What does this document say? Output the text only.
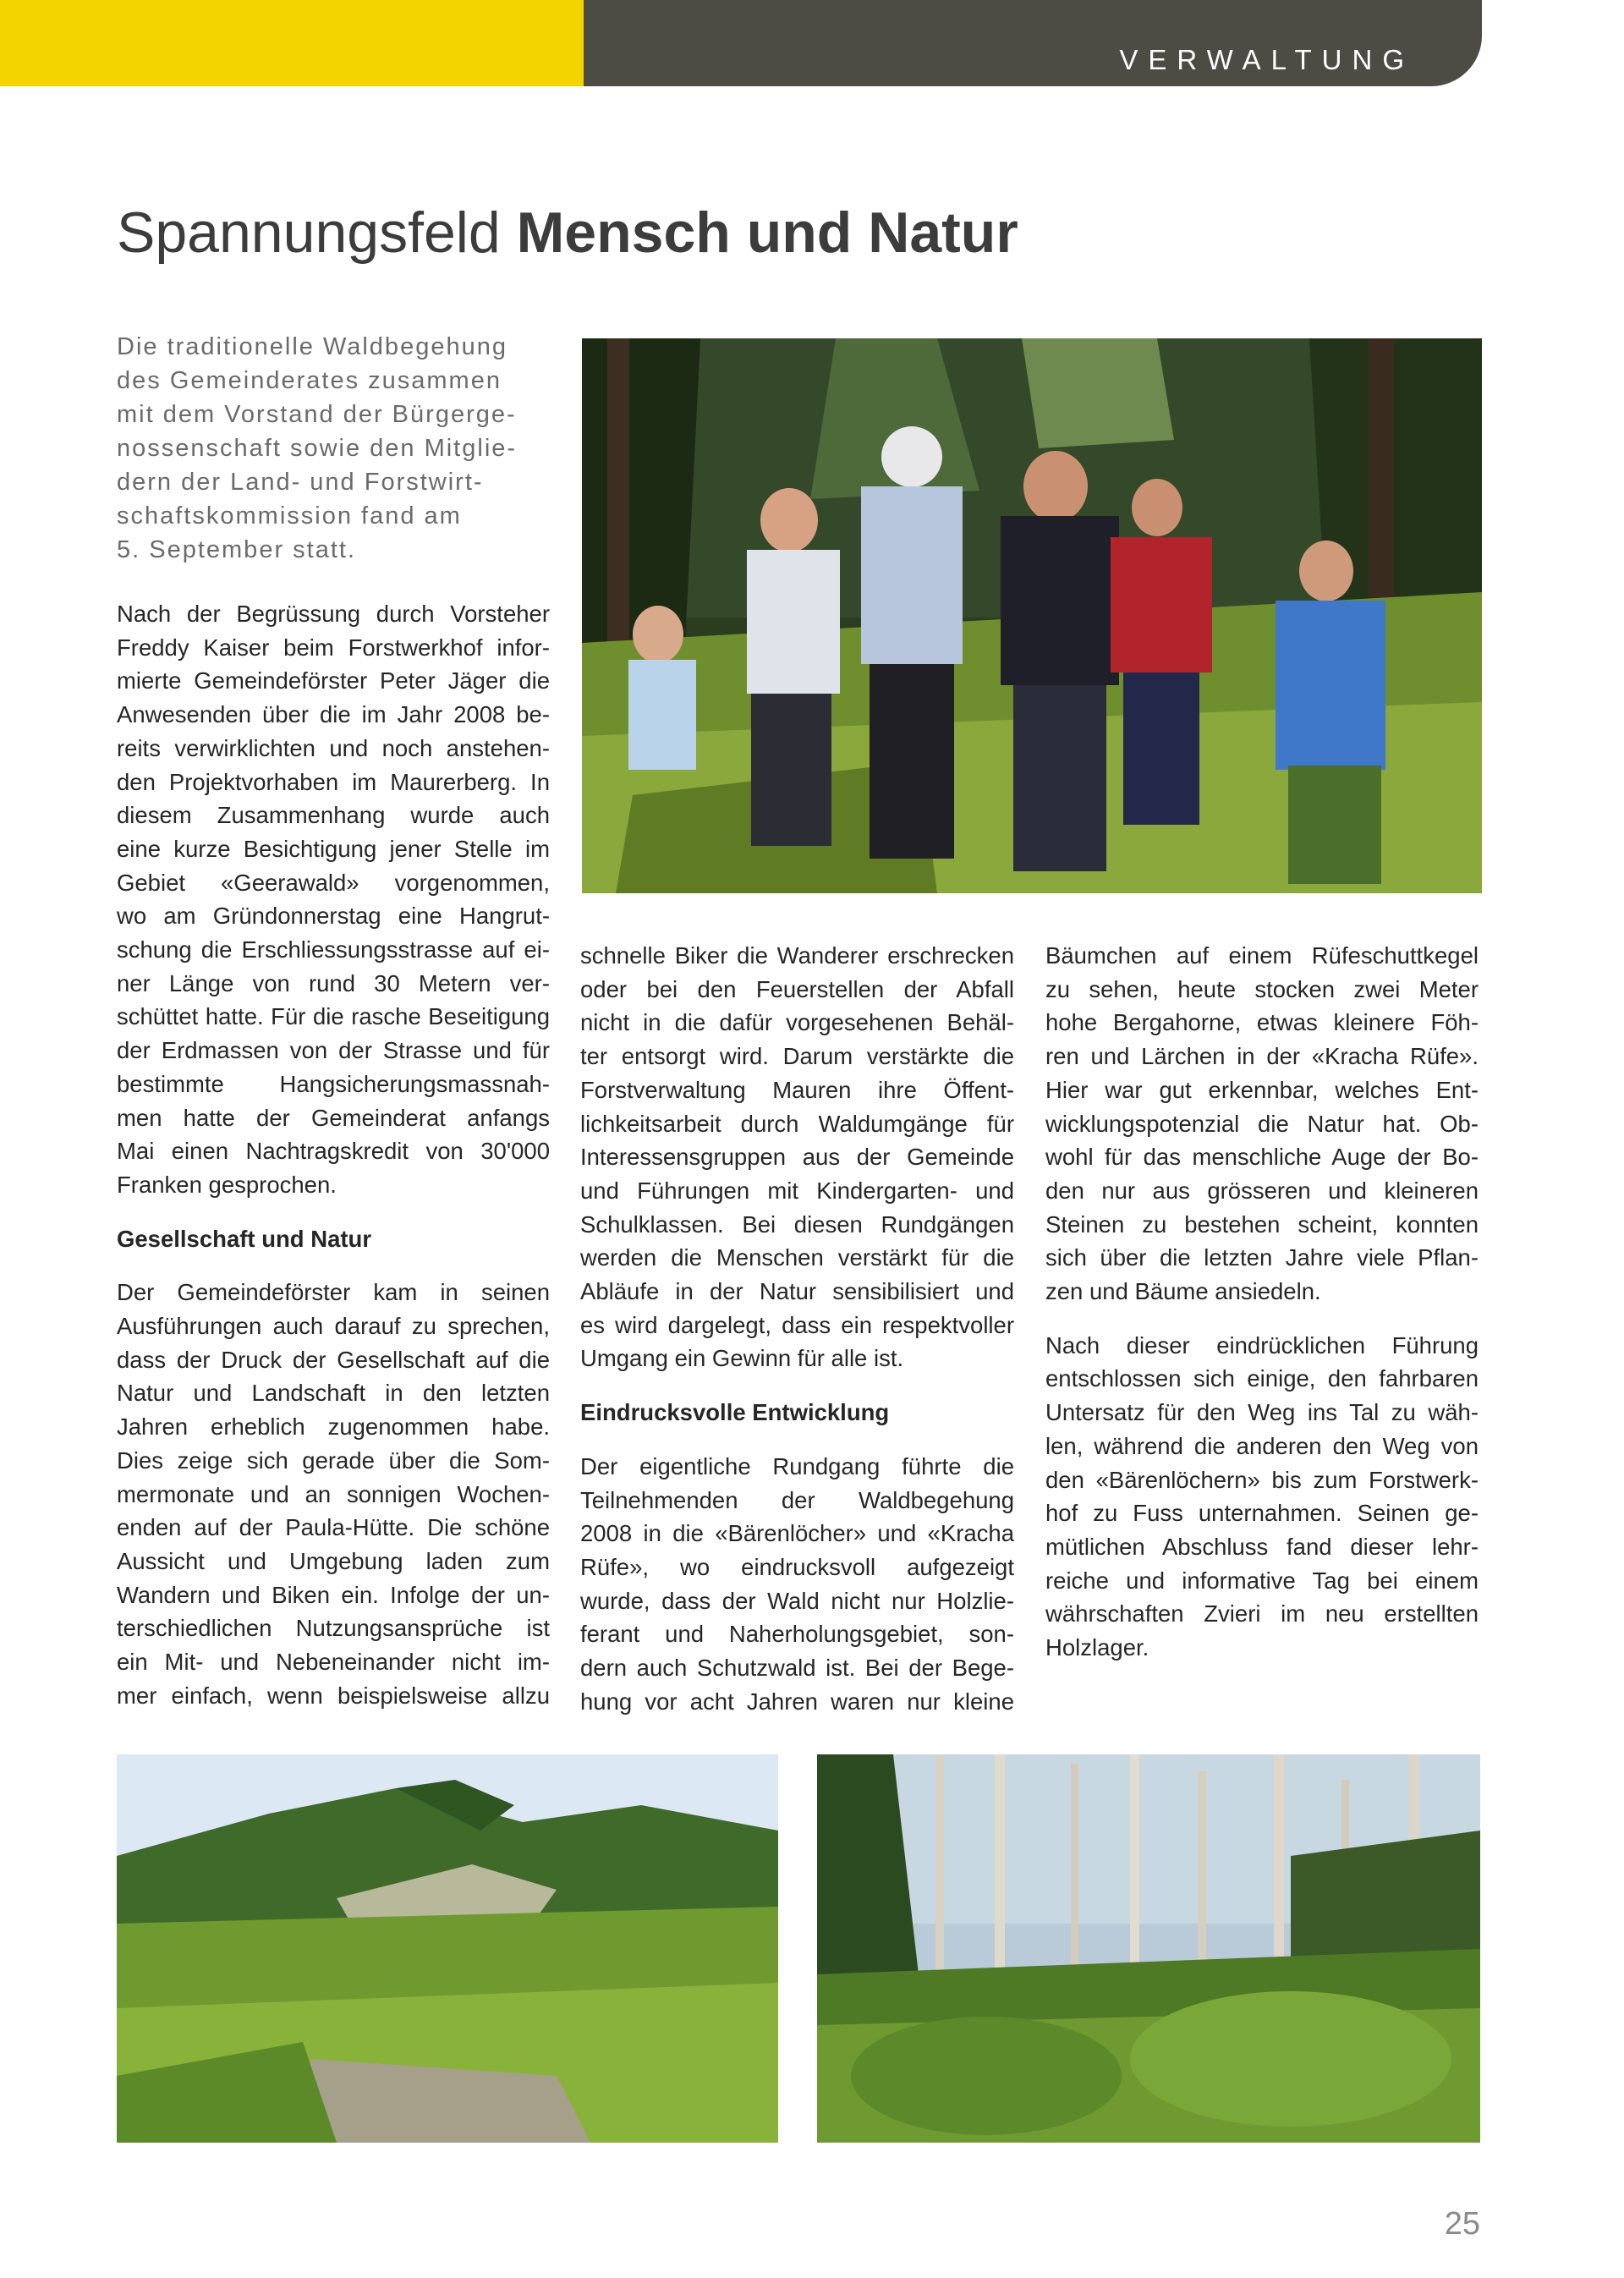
VERWALTUNG
Spannungsfeld Mensch und Natur
Die traditionelle Waldbegehung
des Gemeinderates zusammen
mit dem Vorstand der Bürgerge-
nossenschaft sowie den Mitglie-
dern der Land- und Forstwirt-
schaftskommission fand am
5. September statt.
Nach der Begrüssung durch Vorsteher
Freddy Kaiser beim Forstwerkhof infor-
mierte Gemeindeförster Peter Jäger die
Anwesenden über die im Jahr 2008 be-
reits verwirklichten und noch anstehen-
den Projektvorhaben im Maurerberg. In
diesem Zusammenhang wurde auch
eine kurze Besichtigung jener Stelle im
Gebiet «Geerawald» vorgenommen,
wo am Gründonnerstag eine Hangrut-
schung die Erschliessungsstrasse auf ei-
ner Länge von rund 30 Metern ver-
schüttet hatte. Für die rasche Beseitigung
der Erdmassen von der Strasse und für
bestimmte Hangsicherungsmassnah-
men hatte der Gemeinderat anfangs
Mai einen Nachtragskredit von 30'000
Franken gesprochen.
Gesellschaft und Natur
Der Gemeindeförster kam in seinen
Ausführungen auch darauf zu sprechen,
dass der Druck der Gesellschaft auf die
Natur und Landschaft in den letzten
Jahren erheblich zugenommen habe.
Dies zeige sich gerade über die Som-
mermonate und an sonnigen Wochen-
enden auf der Paula-Hütte. Die schöne
Aussicht und Umgebung laden zum
Wandern und Biken ein. Infolge der un-
terschiedlichen Nutzungsansprüche ist
ein Mit- und Nebeneinander nicht im-
mer einfach, wenn beispielsweise allzu
schnelle Biker die Wanderer erschrecken
oder bei den Feuerstellen der Abfall
nicht in die dafür vorgesehenen Behäl-
ter entsorgt wird. Darum verstärkte die
Forstverwaltung Mauren ihre Öffent-
lichkeitsarbeit durch Waldumgänge für
Interessensgruppen aus der Gemeinde
und Führungen mit Kindergarten- und
Schulklassen. Bei diesen Rundgängen
werden die Menschen verstärkt für die
Abläufe in der Natur sensibilisiert und
es wird dargelegt, dass ein respektvoller
Umgang ein Gewinn für alle ist.
Eindrucksvolle Entwicklung
Der eigentliche Rundgang führte die
Teilnehmenden der Waldbegehung
2008 in die «Bärenlöcher» und «Kracha
Rüfe», wo eindrucksvoll aufgezeigt
wurde, dass der Wald nicht nur Holzlie-
ferant und Naherholungsgebiet, son-
dern auch Schutzwald ist. Bei der Bege-
hung vor acht Jahren waren nur kleine
Bäumchen auf einem Rüfeschuttkegel
zu sehen, heute stocken zwei Meter
hohe Bergahorne, etwas kleinere Föh-
ren und Lärchen in der «Kracha Rüfe».
Hier war gut erkennbar, welches Ent-
wicklungspotenzial die Natur hat. Ob-
wohl für das menschliche Auge der Bo-
den nur aus grösseren und kleineren
Steinen zu bestehen scheint, konnten
sich über die letzten Jahre viele Pflan-
zen und Bäume ansiedeln.
Nach dieser eindrücklichen Führung
entschlossen sich einige, den fahrbaren
Untersatz für den Weg ins Tal zu wäh-
len, während die anderen den Weg von
den «Bärenlöchern» bis zum Forstwerk-
hof zu Fuss unternahmen. Seinen ge-
mütlichen Abschluss fand dieser lehr-
reiche und informative Tag bei einem
währschaften Zvieri im neu erstellten
Holzlager.
25
